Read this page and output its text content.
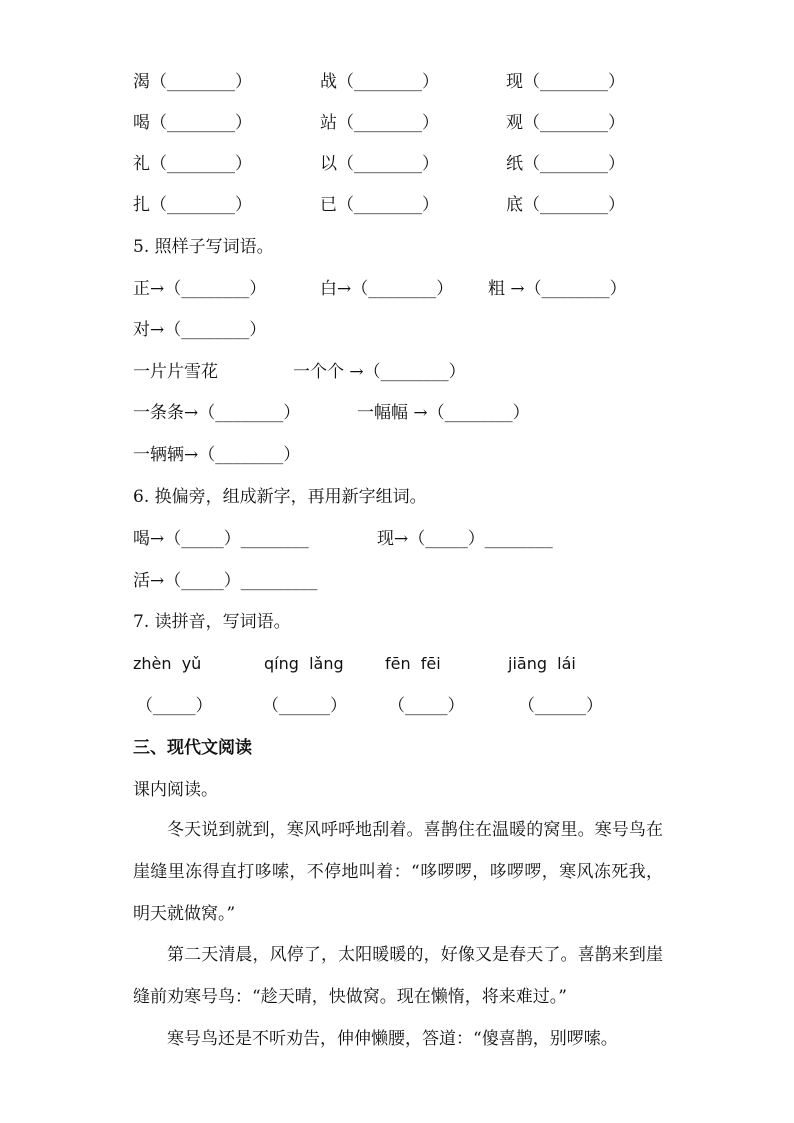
渴（________）	战（________）	现（________）
喝（________）	站（________）	观（________）
礼（________）	以（________）	纸（________）
扎（________）	已（________）	底（________）
5. 照样子写词语。
正→（________）	白→（________） 粗 →（________）
对→（________）
一片片雪花	一个个 →（________）
一条条→（________）	一幅幅 →（________）
一辆辆→（________）
6. 换偏旁，组成新字，再用新字组词。
喝→（_____）________	现→（_____）________
活→（_____）_________
7. 读拼音，写词语。
zhèn  yǔ	qíng  lǎng	fēn  fēi	jiāng  lái
（_____）	（______） （_____）	（______）
三、现代文阅读
课内阅读。
冬天说到就到，寒风呼呼地刮着。喜鹊住在温暖的窝里。寒号鸟在崖缝里冻得直打哆嗦，不停地叫着：“哆啰啰，哆啰啰，寒风冻死我，明天就做窝。”
第二天清晨，风停了，太阳暖暖的，好像又是春天了。喜鹊来到崖缝前劝寒号鸟：“趁天晴，快做窝。现在懒惰，将来难过。”
寒号鸟还是不听劝告，伸伸懒腰，答道：“傻喜鹊，别啰嗦。
